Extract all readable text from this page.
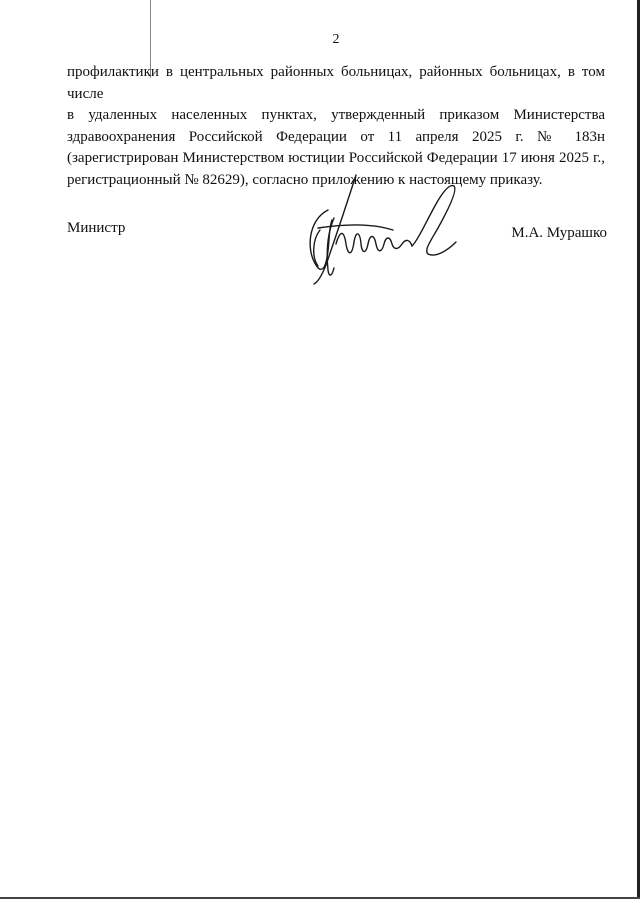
2
профилактики в центральных районных больницах, районных больницах, в том числе
в удаленных населенных пунктах, утвержденный приказом Министерства
здравоохранения Российской Федерации от 11 апреля 2025 г. № 183н
(зарегистрирован Министерством юстиции Российской Федерации 17 июня 2025 г.,
регистрационный № 82629), согласно приложению к настоящему приказу.
Министр	М.А. Мурашко
